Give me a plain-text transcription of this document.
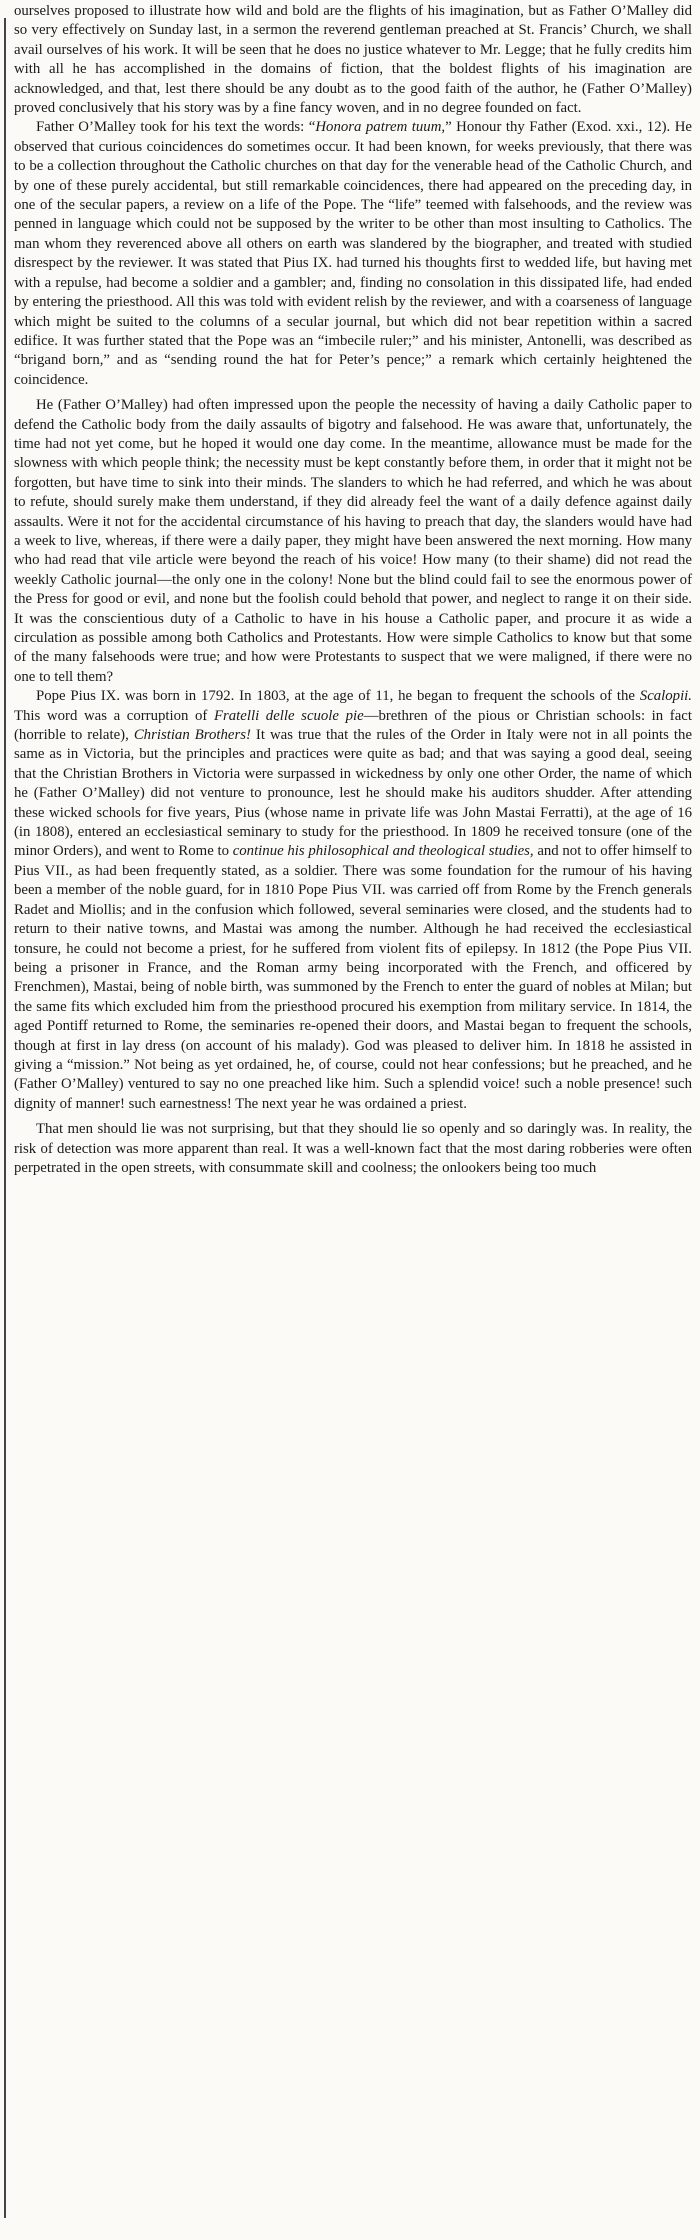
ourselves proposed to illustrate how wild and bold are the flights of his imagination, but as Father O’Malley did so very effectively on Sunday last, in a sermon the reverend gentleman preached at St. Francis’ Church, we shall avail ourselves of his work. It will be seen that he does no justice whatever to Mr. Legge; that he fully credits him with all he has accomplished in the domains of fiction, that the boldest flights of his imagination are acknowledged, and that, lest there should be any doubt as to the good faith of the author, he (Father O’Malley) proved conclusively that his story was by a fine fancy woven, and in no degree founded on fact.

Father O’Malley took for his text the words: “Honora patrem tuum,” Honour thy Father (Exod. xxi., 12). He observed that curious coincidences do sometimes occur. It had been known, for weeks previously, that there was to be a collection throughout the Catholic churches on that day for the venerable head of the Catholic Church, and by one of these purely accidental, but still remarkable coincidences, there had appeared on the preceding day, in one of the secular papers, a review on a life of the Pope. The “life” teemed with falsehoods, and the review was penned in language which could not be supposed by the writer to be other than most insulting to Catholics. The man whom they reverenced above all others on earth was slandered by the biographer, and treated with studied disrespect by the reviewer. It was stated that Pius IX. had turned his thoughts first to wedded life, but having met with a repulse, had become a soldier and a gambler; and, finding no consolation in this dissipated life, had ended by entering the priesthood. All this was told with evident relish by the reviewer, and with a coarseness of language which might be suited to the columns of a secular journal, but which did not bear repetition within a sacred edifice. It was further stated that the Pope was an “imbecile ruler;” and his minister, Antonelli, was described as “brigand born,” and as “sending round the hat for Peter’s pence;” a remark which certainly heightened the coincidence.

He (Father O’Malley) had often impressed upon the people the necessity of having a daily Catholic paper to defend the Catholic body from the daily assaults of bigotry and falsehood. He was aware that, unfortunately, the time had not yet come, but he hoped it would one day come. In the meantime, allowance must be made for the slowness with which people think; the necessity must be kept constantly before them, in order that it might not be forgotten, but have time to sink into their minds. The slanders to which he had referred, and which he was about to refute, should surely make them understand, if they did already feel the want of a daily defence against daily assaults. Were it not for the accidental circumstance of his having to preach that day, the slanders would have had a week to live, whereas, if there were a daily paper, they might have been answered the next morning. How many who had read that vile article were beyond the reach of his voice! How many (to their shame) did not read the weekly Catholic journal—the only one in the colony! None but the blind could fail to see the enormous power of the Press for good or evil, and none but the foolish could behold that power, and neglect to range it on their side. It was the conscientious duty of a Catholic to have in his house a Catholic paper, and procure it as wide a circulation as possible among both Catholics and Protestants. How were simple Catholics to know but that some of the many falsehoods were true; and how were Protestants to suspect that we were maligned, if there were no one to tell them?

Pope Pius IX. was born in 1792. In 1803, at the age of 11, he began to frequent the schools of the Scalopii. This word was a corruption of Fratelli delle scuole pie—brethren of the pious or Christian schools: in fact (horrible to relate), Christian Brothers! It was true that the rules of the Order in Italy were not in all points the same as in Victoria, but the principles and practices were quite as bad; and that was saying a good deal, seeing that the Christian Brothers in Victoria were surpassed in wickedness by only one other Order, the name of which he (Father O’Malley) did not venture to pronounce, lest he should make his auditors shudder. After attending these wicked schools for five years, Pius (whose name in private life was John Mastai Ferratti), at the age of 16 (in 1808), entered an ecclesiastical seminary to study for the priesthood. In 1809 he received tonsure (one of the minor Orders), and went to Rome to continue his philosophical and theological studies, and not to offer himself to Pius VII., as had been frequently stated, as a soldier. There was some foundation for the rumour of his having been a member of the noble guard, for in 1810 Pope Pius VII. was carried off from Rome by the French generals Radet and Miollis; and in the confusion which followed, several seminaries were closed, and the students had to return to their native towns, and Mastai was among the number. Although he had received the ecclesiastical tonsure, he could not become a priest, for he suffered from violent fits of epilepsy. In 1812 (the Pope Pius VII. being a prisoner in France, and the Roman army being incorporated with the French, and officered by Frenchmen), Mastai, being of noble birth, was summoned by the French to enter the guard of nobles at Milan; but the same fits which excluded him from the priesthood procured his exemption from military service. In 1814, the aged Pontiff returned to Rome, the seminaries re-opened their doors, and Mastai began to frequent the schools, though at first in lay dress (on account of his malady). God was pleased to deliver him. In 1818 he assisted in giving a “mission.” Not being as yet ordained, he, of course, could not hear confessions; but he preached, and he (Father O’Malley) ventured to say no one preached like him. Such a splendid voice! such a noble presence! such dignity of manner! such earnestness! The next year he was ordained a priest.

That men should lie was not surprising, but that they should lie so openly and so daringly was. In reality, the risk of detection was more apparent than real. It was a well-known fact that the most daring robberies were often perpetrated in the open streets, with consummate skill and coolness; the onlookers being too much
